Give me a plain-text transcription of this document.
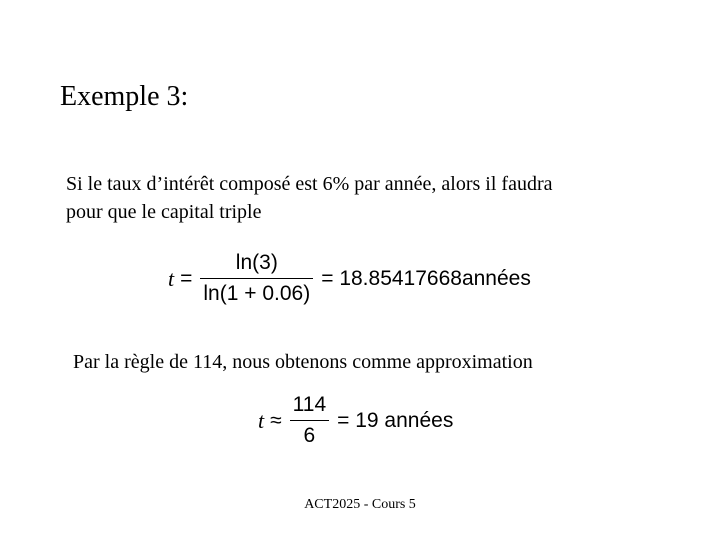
Exemple 3:
Si le taux d’intérêt composé est 6% par année, alors il faudra
pour que le capital triple
$t = \frac{\ln(3)}{\ln(1 + 0.06)}$ = 18.85417668années
Par la règle de 114, nous obtenons comme approximation
$t \approx \frac{114}{6} = 19$ années
ACT2025 - Cours 5
